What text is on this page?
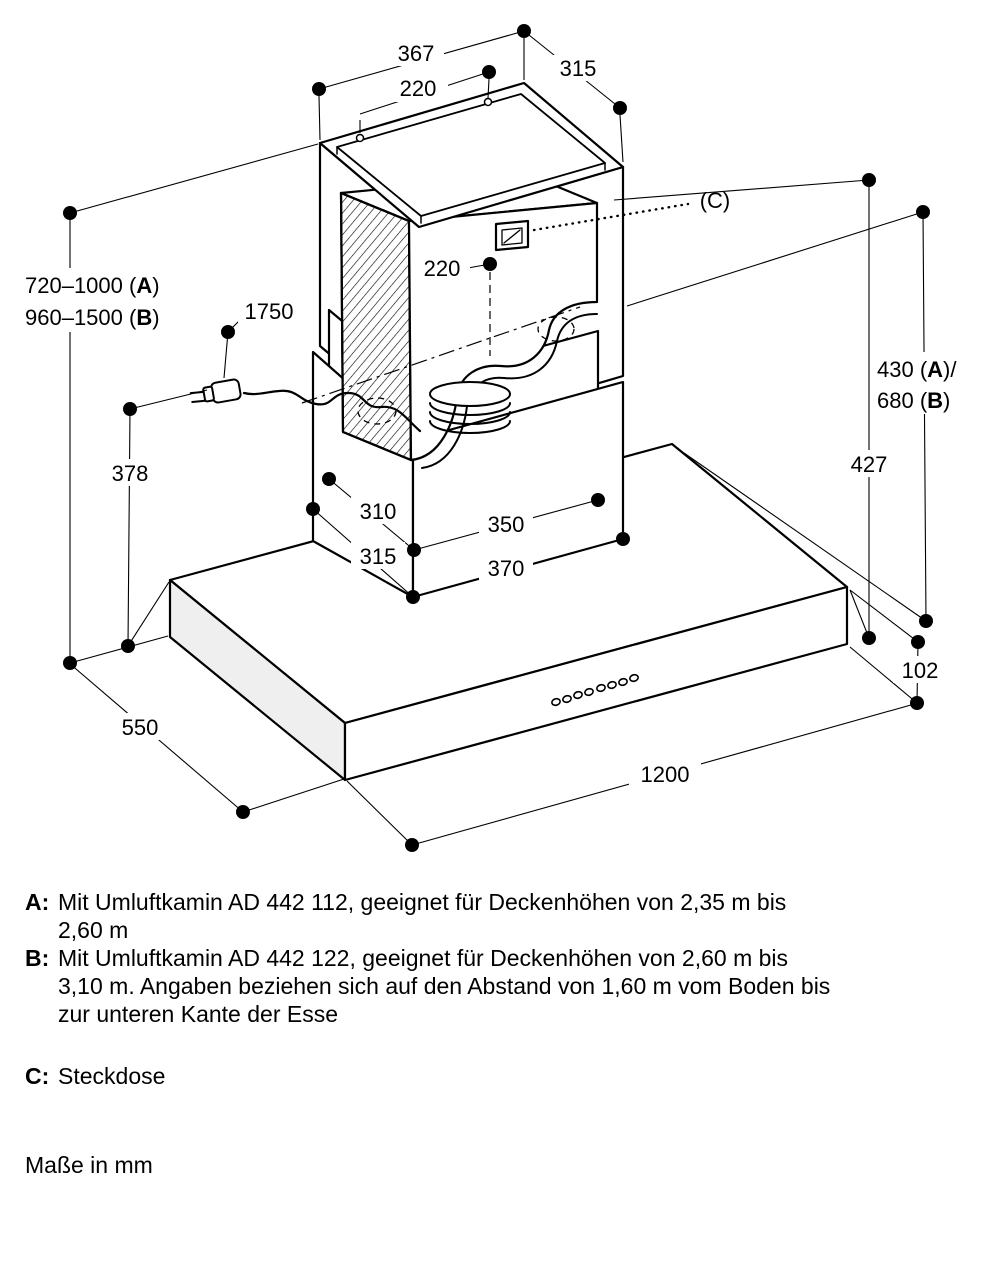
367
220
315
(C)
220
1750
427
378
310
315
350
370
102
550
1200
720–1000 (A)
960–1500 (B)
430 (A)/
680 (B)
A: Mit Umluftkamin AD 442 112, geeignet für Deckenhöhen von 2,35 m bis
2,60 m
B: Mit Umluftkamin AD 442 122, geeignet für Deckenhöhen von 2,60 m bis
3,10 m. Angaben beziehen sich auf den Abstand von 1,60 m vom Boden bis
zur unteren Kante der Esse
C: Steckdose
Maße in mm
